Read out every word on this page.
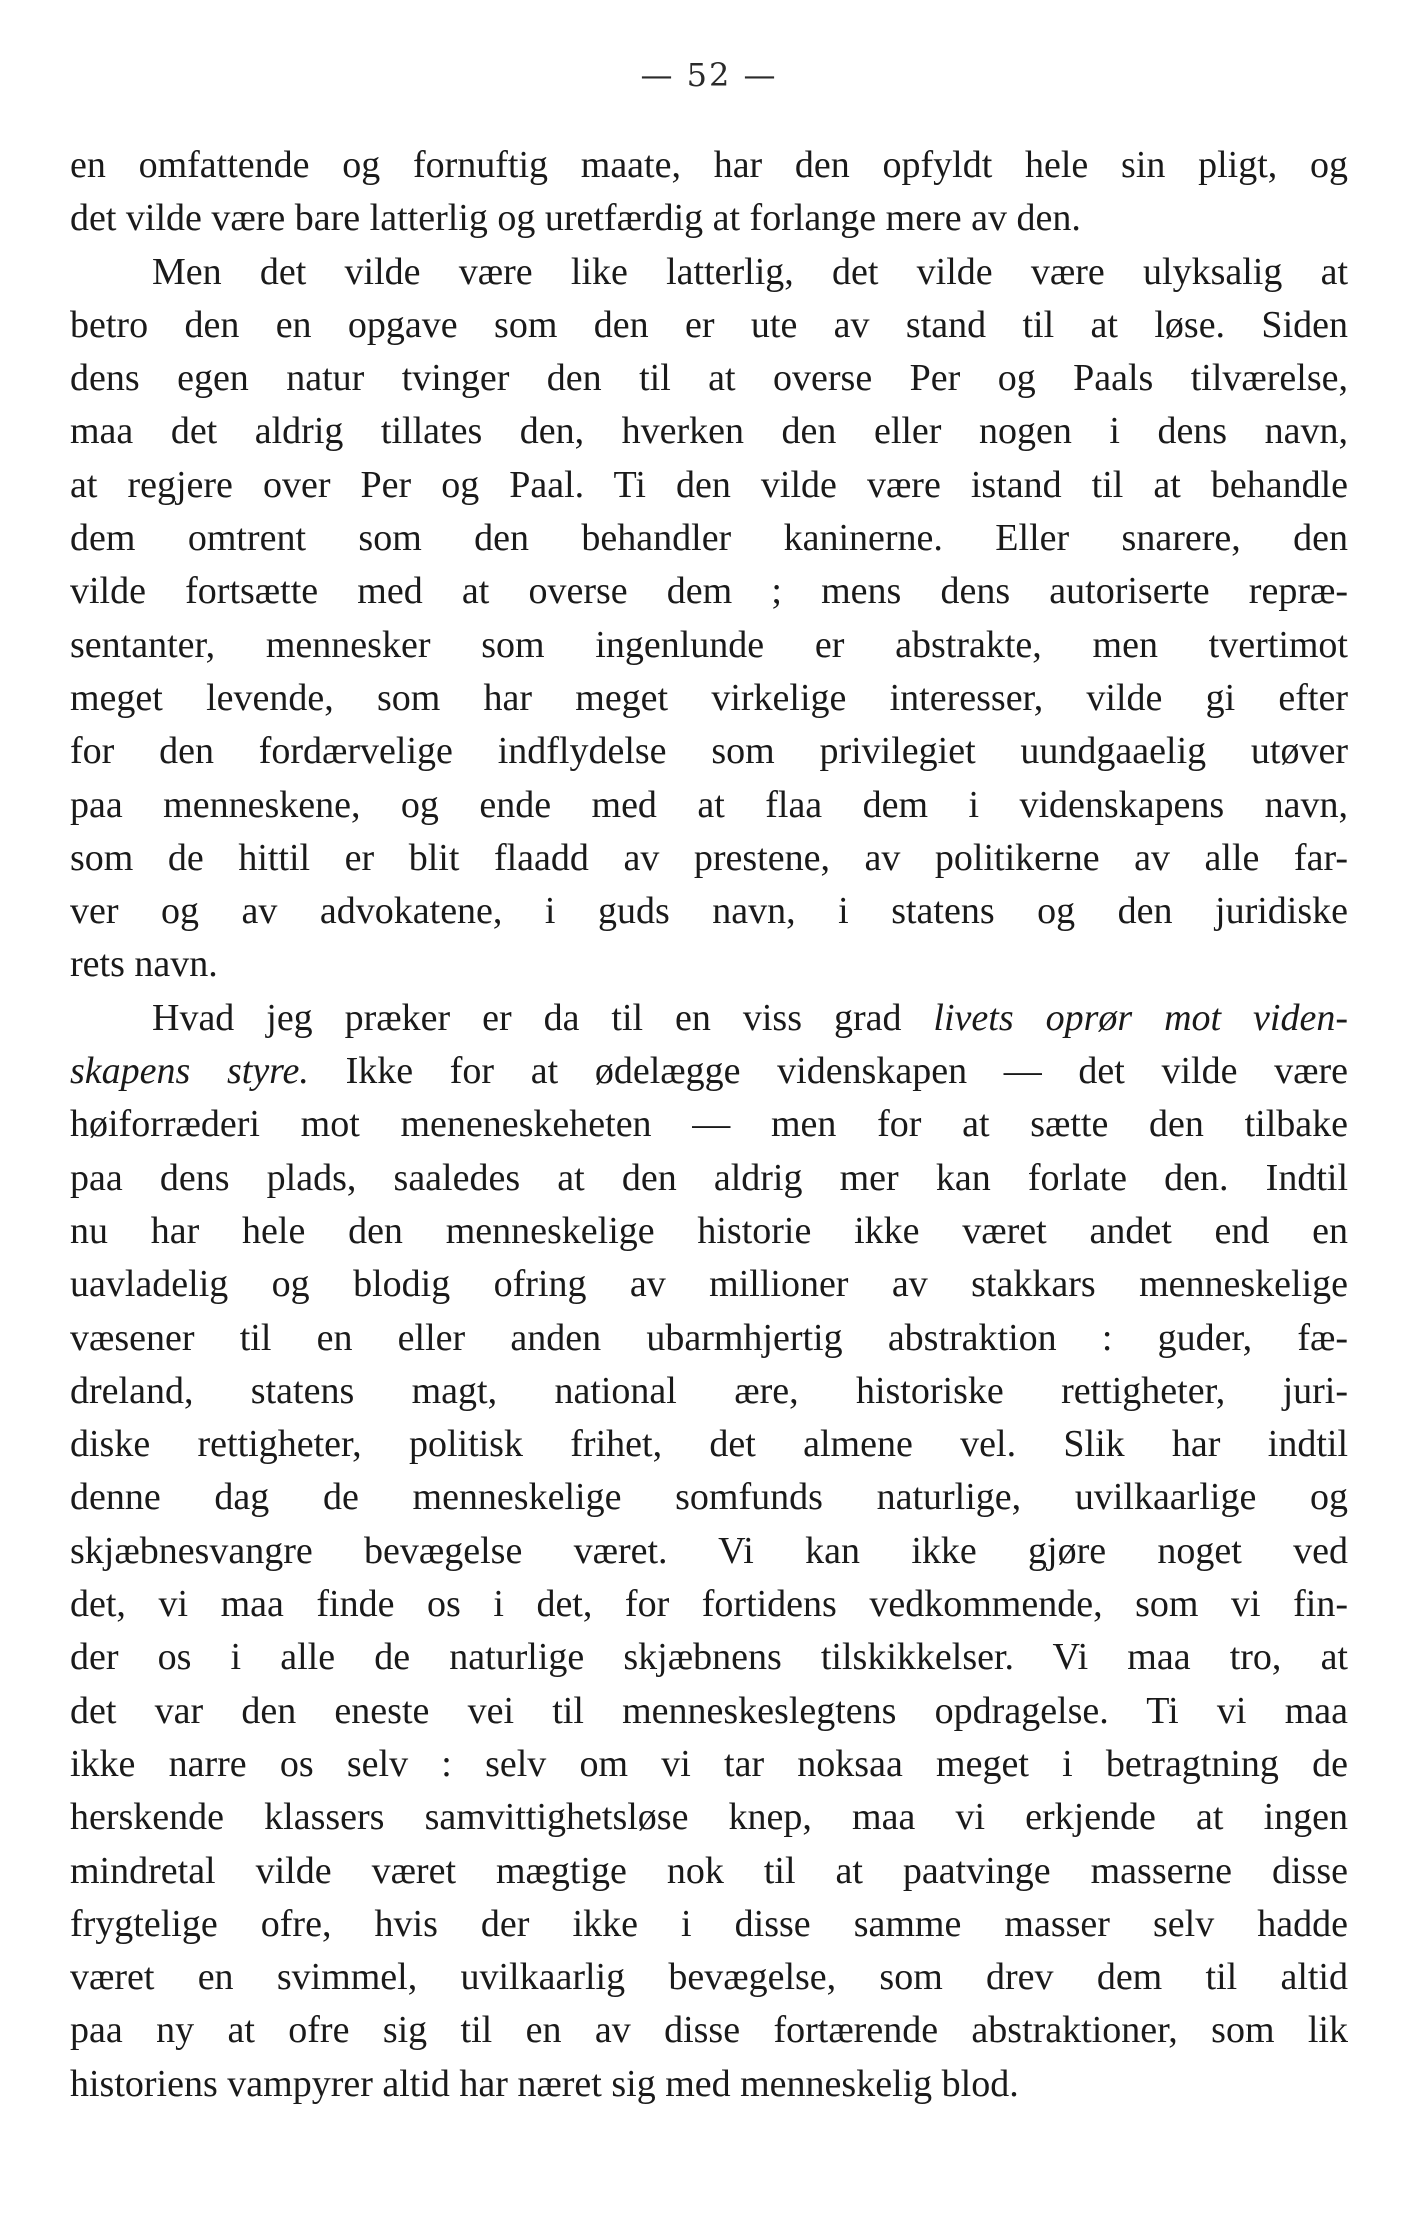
— 52 —
en omfattende og fornuftig maate, har den opfyldt hele sin pligt, og
det vilde være bare latterlig og uretfærdig at forlange mere av den.
Men det vilde være like latterlig, det vilde være ulyksalig at
betro den en opgave som den er ute av stand til at løse. Siden
dens egen natur tvinger den til at overse Per og Paals tilværelse,
maa det aldrig tillates den, hverken den eller nogen i dens navn,
at regjere over Per og Paal. Ti den vilde være istand til at behandle
dem omtrent som den behandler kaninerne. Eller snarere, den
vilde fortsætte med at overse dem ; mens dens autoriserte repræ-
sentanter, mennesker som ingenlunde er abstrakte, men tvertimot
meget levende, som har meget virkelige interesser, vilde gi efter
for den fordærvelige indflydelse som privilegiet uundgaaelig utøver
paa menneskene, og ende med at flaa dem i videnskapens navn,
som de hittil er blit flaadd av prestene, av politikerne av alle far-
ver og av advokatene, i guds navn, i statens og den juridiske
rets navn.
Hvad jeg præker er da til en viss grad livets oprør mot viden-
skapens styre. Ikke for at ødelægge videnskapen — det vilde være
høiforræderi mot meneneskeheten — men for at sætte den tilbake
paa dens plads, saaledes at den aldrig mer kan forlate den. Indtil
nu har hele den menneskelige historie ikke været andet end en
uavladelig og blodig ofring av millioner av stakkars menneskelige
væsener til en eller anden ubarmhjertig abstraktion : guder, fæ-
dreland, statens magt, national ære, historiske rettigheter, juri-
diske rettigheter, politisk frihet, det almene vel. Slik har indtil
denne dag de menneskelige somfunds naturlige, uvilkaarlige og
skjæbnesvangre bevægelse været. Vi kan ikke gjøre noget ved
det, vi maa finde os i det, for fortidens vedkommende, som vi fin-
der os i alle de naturlige skjæbnens tilskikkelser. Vi maa tro, at
det var den eneste vei til menneskeslegtens opdragelse. Ti vi maa
ikke narre os selv : selv om vi tar noksaa meget i betragtning de
herskende klassers samvittighetsløse knep, maa vi erkjende at ingen
mindretal vilde været mægtige nok til at paatvinge masserne disse
frygtelige ofre, hvis der ikke i disse samme masser selv hadde
været en svimmel, uvilkaarlig bevægelse, som drev dem til altid
paa ny at ofre sig til en av disse fortærende abstraktioner, som lik
historiens vampyrer altid har næret sig med menneskelig blod.
